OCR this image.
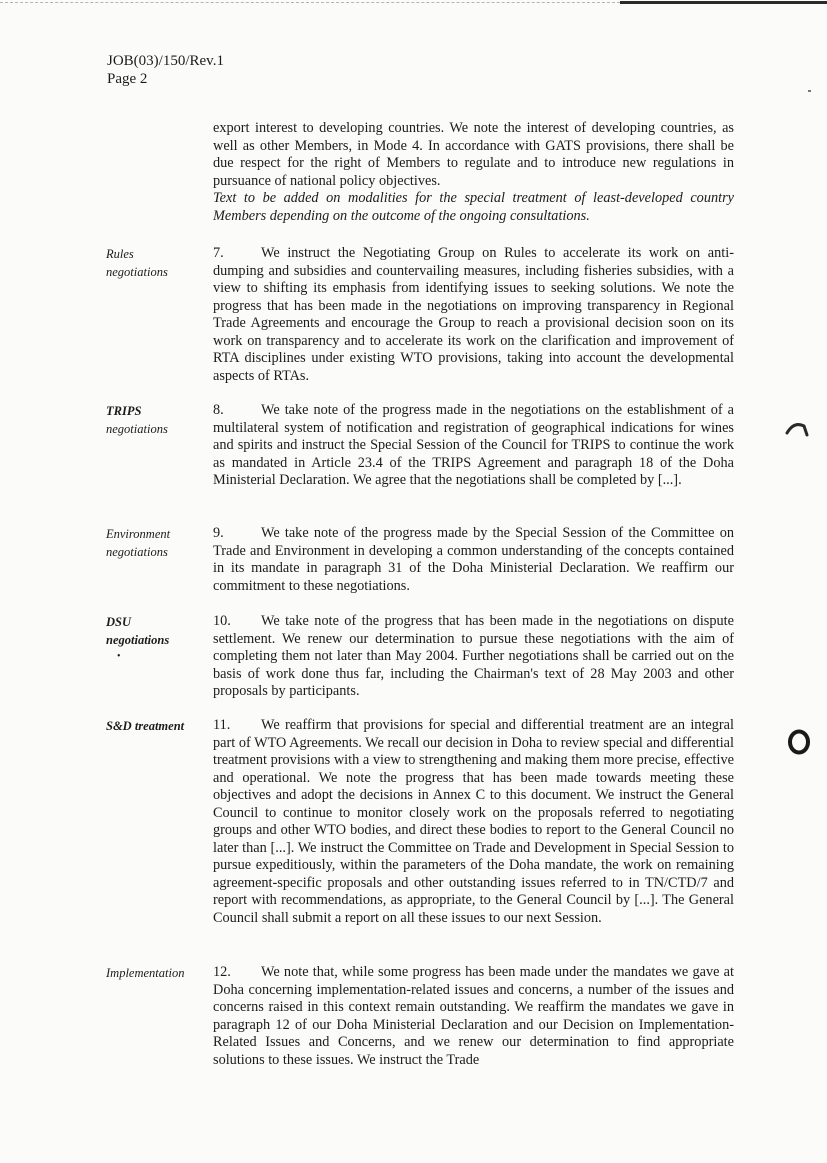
JOB(03)/150/Rev.1
Page 2
export interest to developing countries. We note the interest of developing countries, as well as other Members, in Mode 4. In accordance with GATS provisions, there shall be due respect for the right of Members to regulate and to introduce new regulations in pursuance of national policy objectives.
Text to be added on modalities for the special treatment of least-developed country Members depending on the outcome of the ongoing consultations.
Rules
negotiations
7.	We instruct the Negotiating Group on Rules to accelerate its work on anti-dumping and subsidies and countervailing measures, including fisheries subsidies, with a view to shifting its emphasis from identifying issues to seeking solutions. We note the progress that has been made in the negotiations on improving transparency in Regional Trade Agreements and encourage the Group to reach a provisional decision soon on its work on transparency and to accelerate its work on the clarification and improvement of RTA disciplines under existing WTO provisions, taking into account the developmental aspects of RTAs.
TRIPS
negotiations
8.	We take note of the progress made in the negotiations on the establishment of a multilateral system of notification and registration of geographical indications for wines and spirits and instruct the Special Session of the Council for TRIPS to continue the work as mandated in Article 23.4 of the TRIPS Agreement and paragraph 18 of the Doha Ministerial Declaration. We agree that the negotiations shall be completed by [...].
Environment
negotiations
9.	We take note of the progress made by the Special Session of the Committee on Trade and Environment in developing a common understanding of the concepts contained in its mandate in paragraph 31 of the Doha Ministerial Declaration. We reaffirm our commitment to these negotiations.
DSU
negotiations
•
10. We take note of the progress that has been made in the negotiations on dispute settlement. We renew our determination to pursue these negotiations with the aim of completing them not later than May 2004. Further negotiations shall be carried out on the basis of work done thus far, including the Chairman's text of 28 May 2003 and other proposals by participants.
S&D treatment	11. We reaffirm that provisions for special and differential treatment are an integral part of WTO Agreements. We recall our decision in Doha to review special and differential treatment provisions with a view to strengthening and making them more precise, effective and operational. We note the progress that has been made towards meeting these objectives and adopt the decisions in Annex C to this document. We instruct the General Council to continue to monitor closely work on the proposals referred to negotiating groups and other WTO bodies, and direct these bodies to report to the General Council no later than [...]. We instruct the Committee on Trade and Development in Special Session to pursue expeditiously, within the parameters of the Doha mandate, the work on remaining agreement-specific proposals and other outstanding issues referred to in TN/CTD/7 and report with recommendations, as appropriate, to the General Council by [...]. The General Council shall submit a report on all these issues to our next Session.
Implementation	12. We note that, while some progress has been made under the mandates we gave at Doha concerning implementation-related issues and concerns, a number of the issues and concerns raised in this context remain outstanding. We reaffirm the mandates we gave in paragraph 12 of our Doha Ministerial Declaration and our Decision on Implementation-Related Issues and Concerns, and we renew our determination to find appropriate solutions to these issues. We instruct the Trade
